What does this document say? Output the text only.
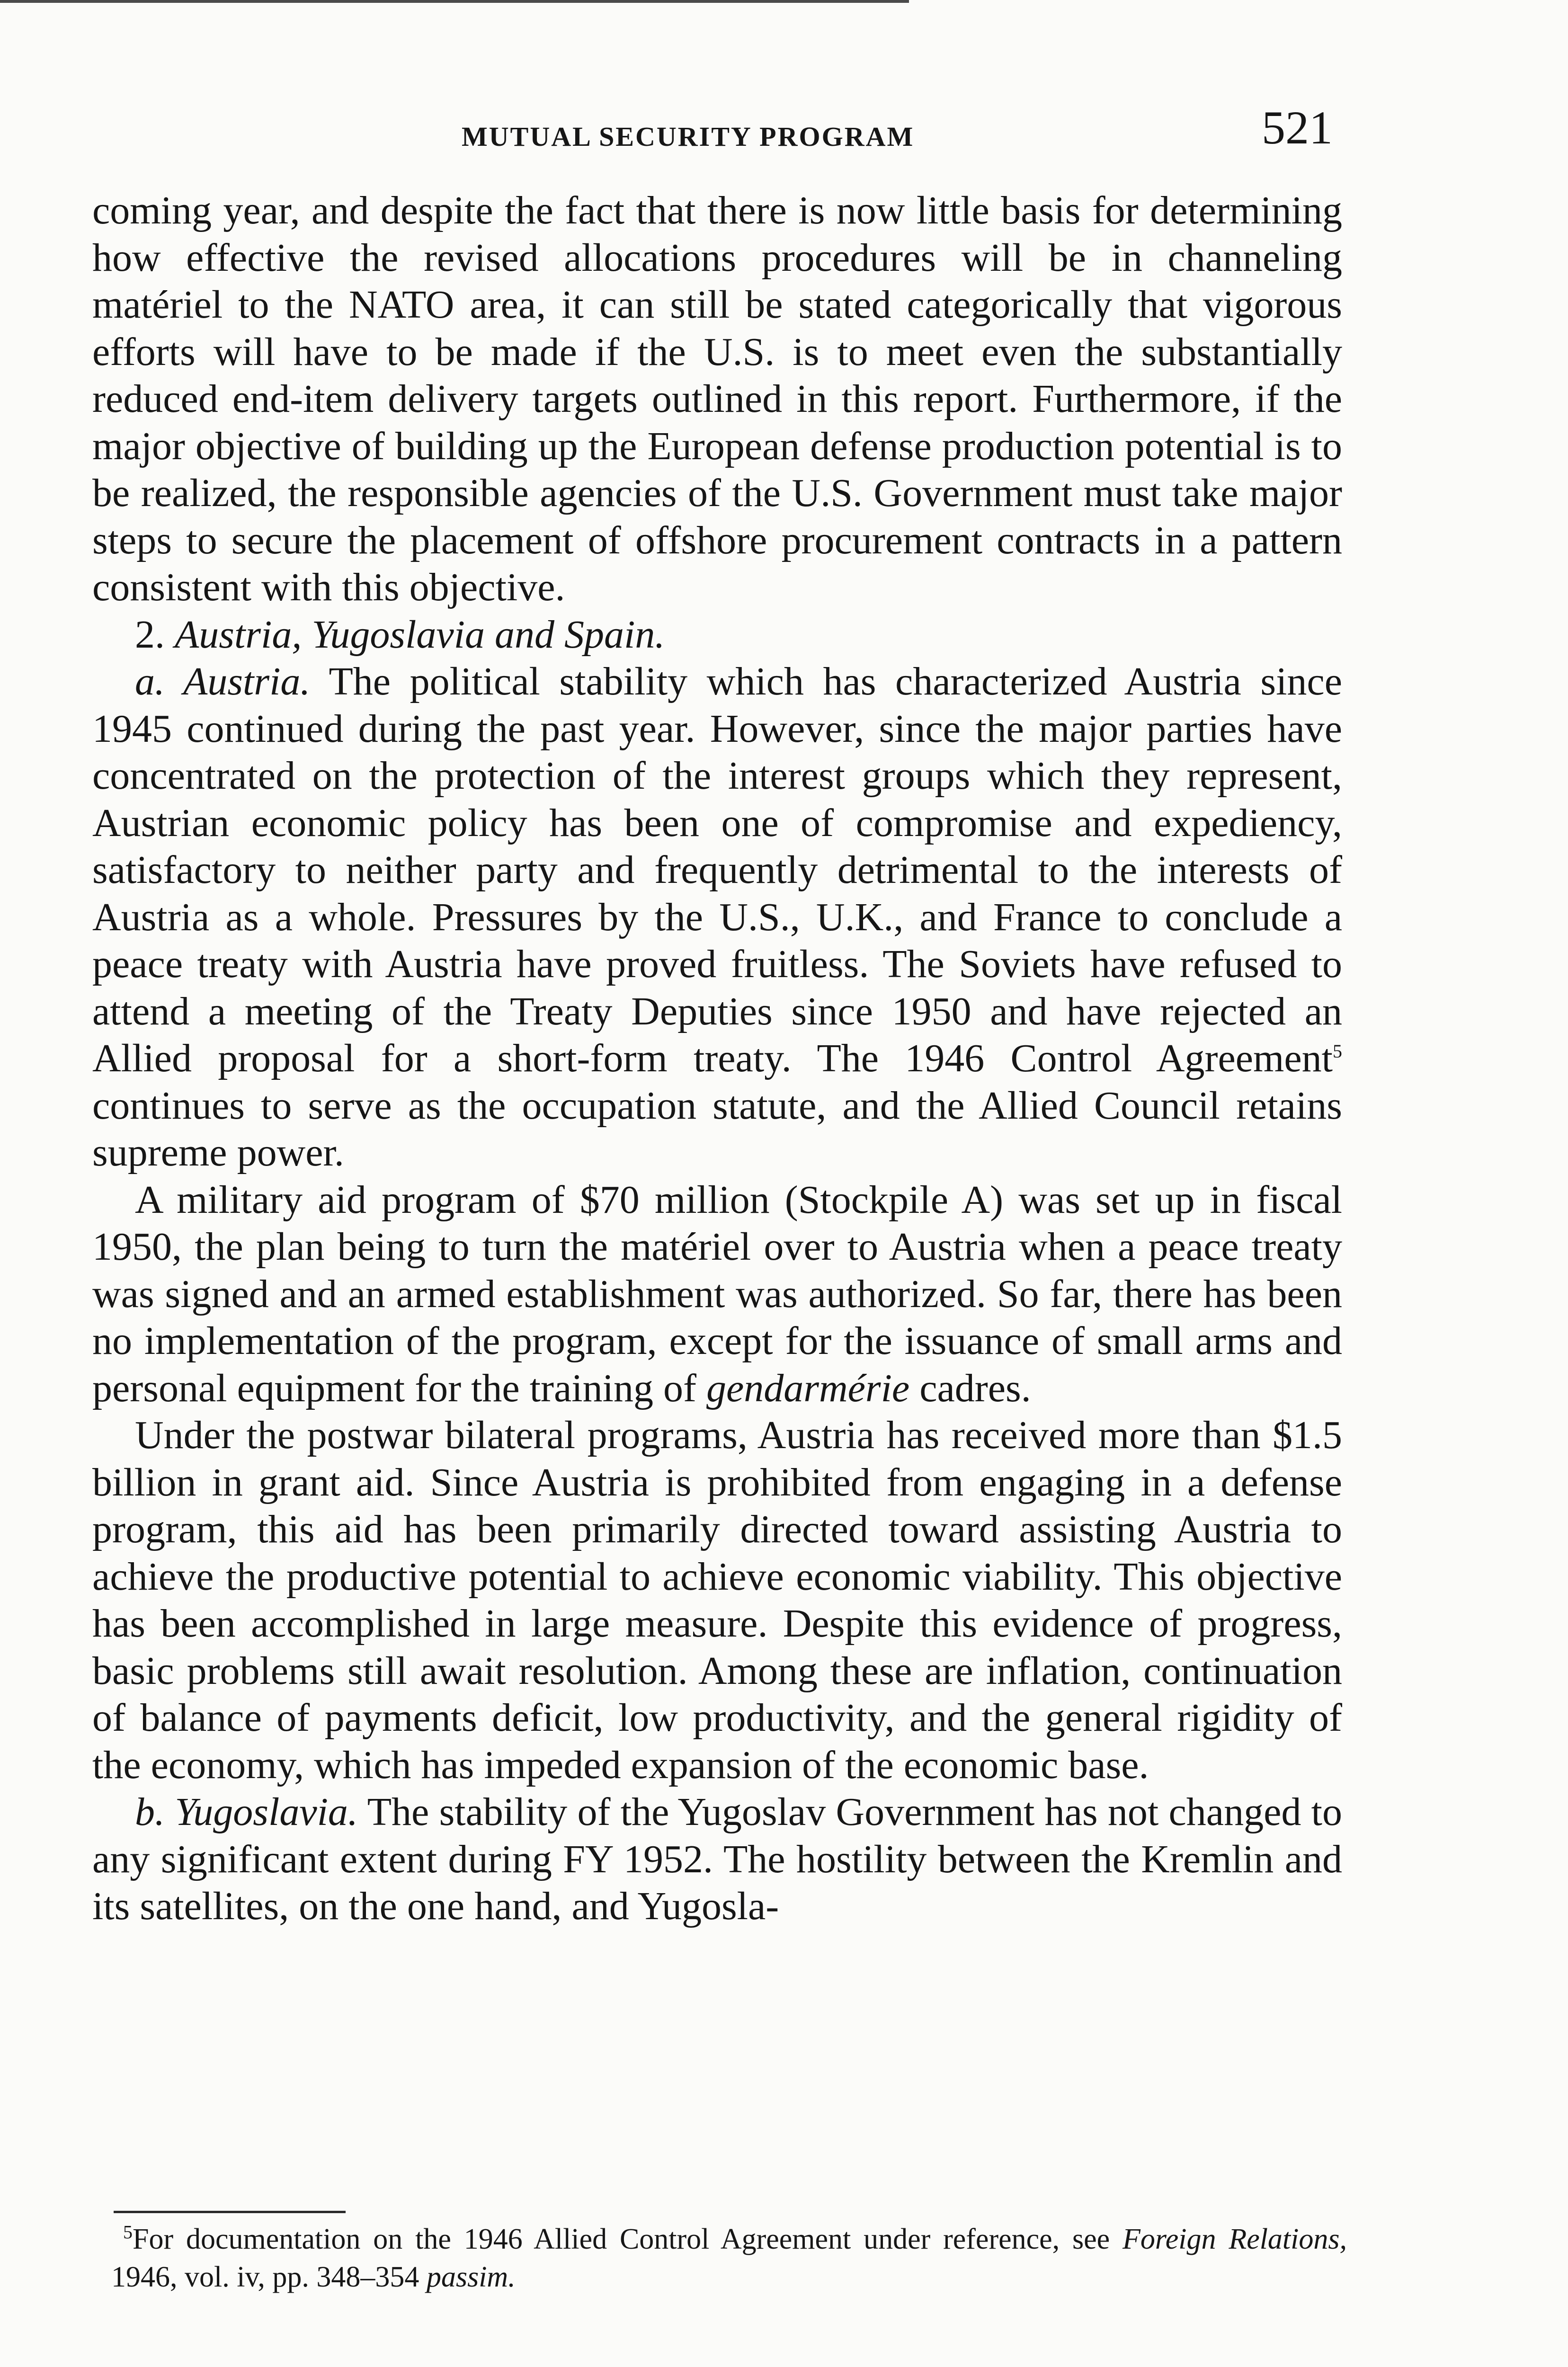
MUTUAL SECURITY PROGRAM	521

coming year, and despite the fact that there is now little basis for determining how effective the revised allocations procedures will be in channeling matériel to the NATO area, it can still be stated categorically that vigorous efforts will have to be made if the U.S. is to meet even the substantially reduced end-item delivery targets outlined in this report. Furthermore, if the major objective of building up the European defense production potential is to be realized, the responsible agencies of the U.S. Government must take major steps to secure the placement of offshore procurement contracts in a pattern consistent with this objective.

2. Austria, Yugoslavia and Spain.

a. Austria. The political stability which has characterized Austria since 1945 continued during the past year. However, since the major parties have concentrated on the protection of the interest groups which they represent, Austrian economic policy has been one of compromise and expediency, satisfactory to neither party and frequently detrimental to the interests of Austria as a whole. Pressures by the U.S., U.K., and France to conclude a peace treaty with Austria have proved fruitless. The Soviets have refused to attend a meeting of the Treaty Deputies since 1950 and have rejected an Allied proposal for a short-form treaty. The 1946 Control Agreement$^5$ continues to serve as the occupation statute, and the Allied Council retains supreme power.

A military aid program of $70 million (Stockpile A) was set up in fiscal 1950, the plan being to turn the matériel over to Austria when a peace treaty was signed and an armed establishment was authorized. So far, there has been no implementation of the program, except for the issuance of small arms and personal equipment for the training of gendarmérie cadres.

Under the postwar bilateral programs, Austria has received more than $1.5 billion in grant aid. Since Austria is prohibited from engaging in a defense program, this aid has been primarily directed toward assisting Austria to achieve the productive potential to achieve economic viability. This objective has been accomplished in large measure. Despite this evidence of progress, basic problems still await resolution. Among these are inflation, continuation of balance of payments deficit, low productivity, and the general rigidity of the economy, which has impeded expansion of the economic base.

b. Yugoslavia. The stability of the Yugoslav Government has not changed to any significant extent during FY 1952. The hostility between the Kremlin and its satellites, on the one hand, and Yugosla-

$^5$For documentation on the 1946 Allied Control Agreement under reference, see Foreign Relations, 1946, vol. iv, pp. 348–354 passim.
